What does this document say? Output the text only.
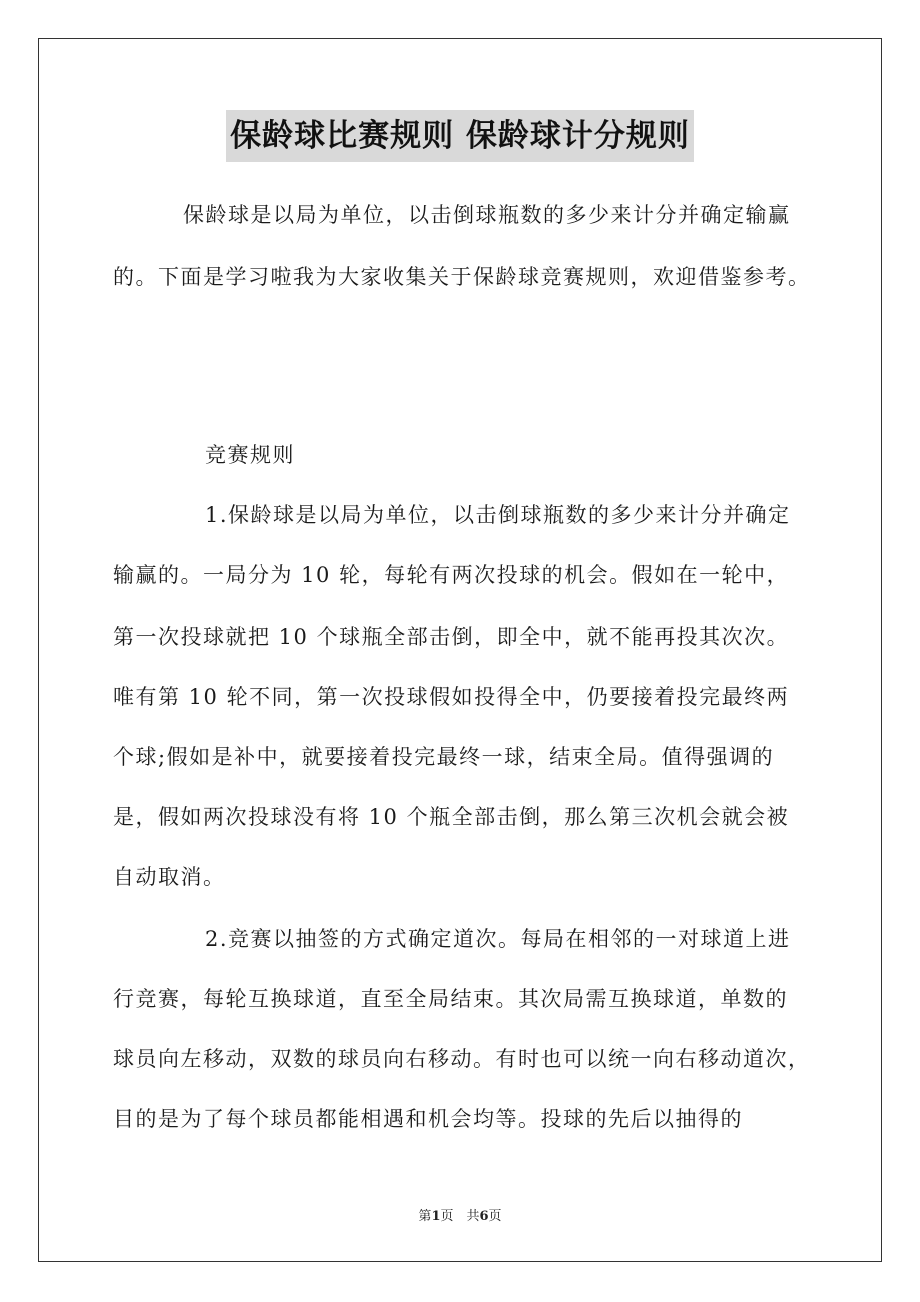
保龄球比赛规则 保龄球计分规则
保龄球是以局为单位，以击倒球瓶数的多少来计分并确定输赢
的。下面是学习啦我为大家收集关于保龄球竞赛规则，欢迎借鉴参考。
竞赛规则
1.保龄球是以局为单位，以击倒球瓶数的多少来计分并确定
输赢的。一局分为 10 轮，每轮有两次投球的机会。假如在一轮中，
第一次投球就把 10 个球瓶全部击倒，即全中，就不能再投其次次。
唯有第 10 轮不同，第一次投球假如投得全中，仍要接着投完最终两
个球;假如是补中，就要接着投完最终一球，结束全局。值得强调的
是，假如两次投球没有将 10 个瓶全部击倒，那么第三次机会就会被
自动取消。
2.竞赛以抽签的方式确定道次。每局在相邻的一对球道上进
行竞赛，每轮互换球道，直至全局结束。其次局需互换球道，单数的
球员向左移动，双数的球员向右移动。有时也可以统一向右移动道次，
目的是为了每个球员都能相遇和机会均等。投球的先后以抽得的
第1页　共6页
